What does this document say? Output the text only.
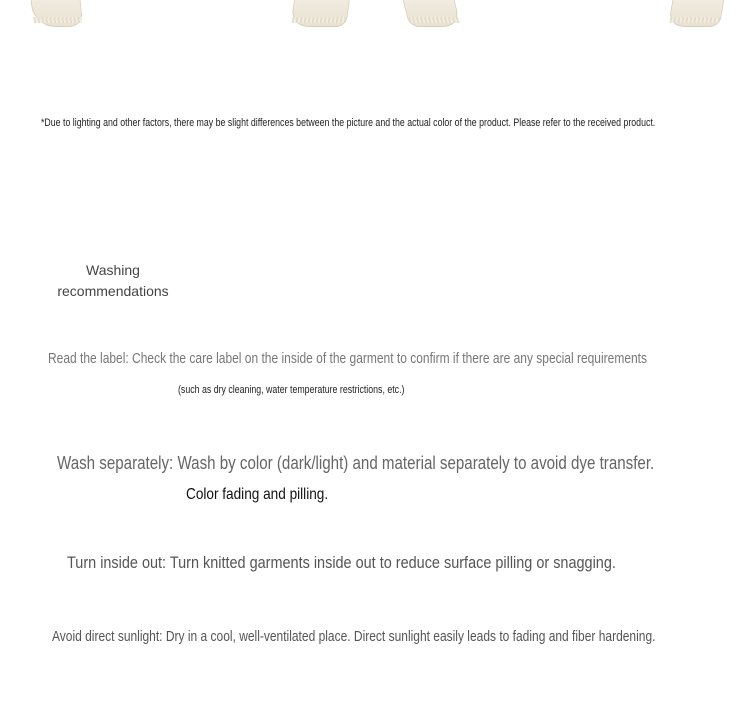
*Due to lighting and other factors, there may be slight differences between the picture and the actual color of the product. Please refer to the received product.
Washing recommendations
Read the label: Check the care label on the inside of the garment to confirm if there are any special requirements
(such as dry cleaning, water temperature restrictions, etc.)
Wash separately: Wash by color (dark/light) and material separately to avoid dye transfer.
Color fading and pilling.
Turn inside out: Turn knitted garments inside out to reduce surface pilling or snagging.
Avoid direct sunlight: Dry in a cool, well-ventilated place. Direct sunlight easily leads to fading and fiber hardening.
